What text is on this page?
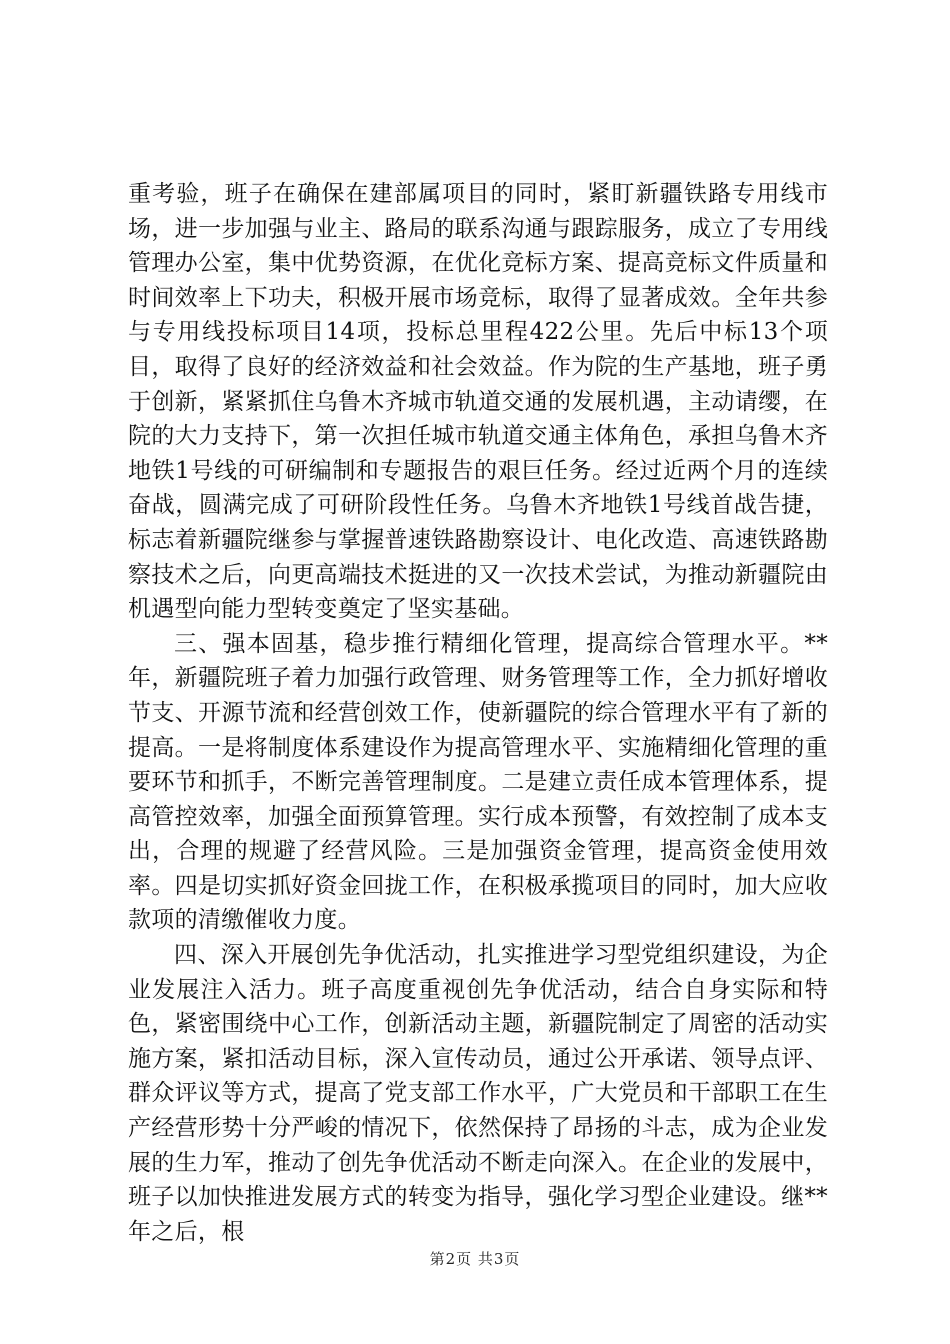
重考验，班子在确保在建部属项目的同时，紧盯新疆铁路专用线市场，进一步加强与业主、路局的联系沟通与跟踪服务，成立了专用线管理办公室，集中优势资源，在优化竞标方案、提高竞标文件质量和时间效率上下功夫，积极开展市场竞标，取得了显著成效。全年共参与专用线投标项目14项，投标总里程422公里。先后中标13个项目，取得了良好的经济效益和社会效益。作为院的生产基地，班子勇于创新，紧紧抓住乌鲁木齐城市轨道交通的发展机遇，主动请缨，在院的大力支持下，第一次担任城市轨道交通主体角色，承担乌鲁木齐地铁1号线的可研编制和专题报告的艰巨任务。经过近两个月的连续奋战，圆满完成了可研阶段性任务。乌鲁木齐地铁1号线首战告捷，标志着新疆院继参与掌握普速铁路勘察设计、电化改造、高速铁路勘察技术之后，向更高端技术挺进的又一次技术尝试，为推动新疆院由机遇型向能力型转变奠定了坚实基础。

三、强本固基，稳步推行精细化管理，提高综合管理水平。**年，新疆院班子着力加强行政管理、财务管理等工作，全力抓好增收节支、开源节流和经营创效工作，使新疆院的综合管理水平有了新的提高。一是将制度体系建设作为提高管理水平、实施精细化管理的重要环节和抓手，不断完善管理制度。二是建立责任成本管理体系，提高管控效率，加强全面预算管理。实行成本预警，有效控制了成本支出，合理的规避了经营风险。三是加强资金管理，提高资金使用效率。四是切实抓好资金回拢工作，在积极承揽项目的同时，加大应收款项的清缴催收力度。

四、深入开展创先争优活动，扎实推进学习型党组织建设，为企业发展注入活力。班子高度重视创先争优活动，结合自身实际和特色，紧密围绕中心工作，创新活动主题，新疆院制定了周密的活动实施方案，紧扣活动目标，深入宣传动员，通过公开承诺、领导点评、群众评议等方式，提高了党支部工作水平，广大党员和干部职工在生产经营形势十分严峻的情况下，依然保持了昂扬的斗志，成为企业发展的生力军，推动了创先争优活动不断走向深入。在企业的发展中，班子以加快推进发展方式的转变为指导，强化学习型企业建设。继**年之后，根

第2页 共3页
